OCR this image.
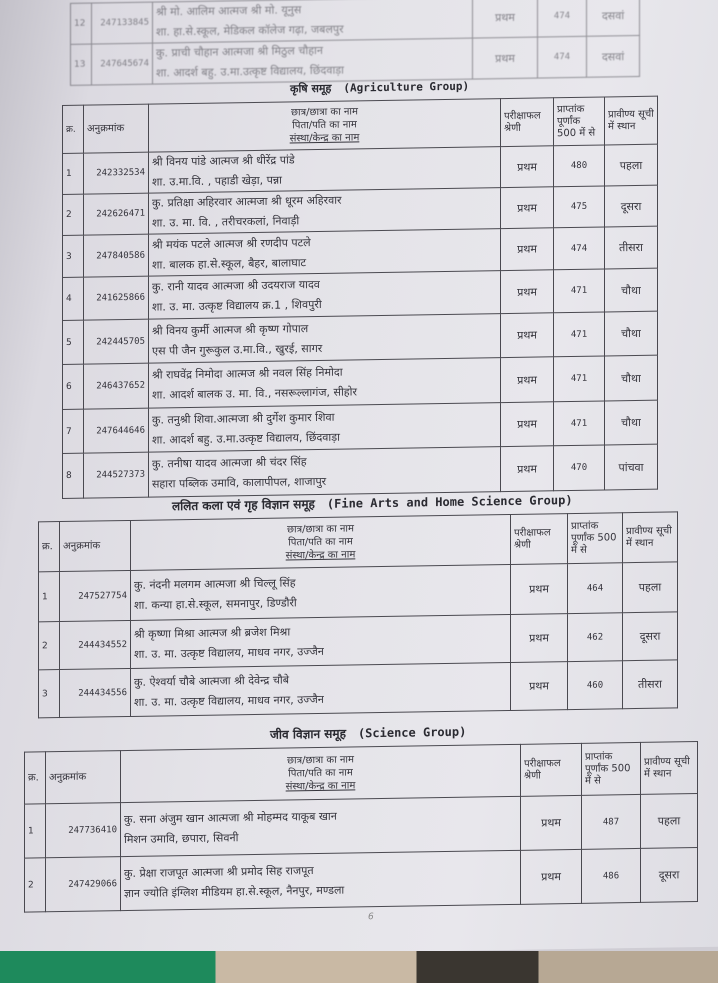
12	247133845	श्री मो. आलिम आत्मज श्री मो. यूनुस
शा. हा.से.स्कूल, मेडिकल कॉलेज गढ़ा, जबलपुर	प्रथम	474	दसवां
13	247645674	कु. प्राची चौहान आत्मजा श्री मिठुल चौहान
शा. आदर्श बहु. उ.मा.उत्कृष्ट विद्यालय, छिंदवाड़ा	प्रथम	474	दसवां
कृषि समूह (Agriculture Group)
क्र.	अनुक्रमांक	छात्र/छात्रा का नाम
पिता/पति का नाम
संस्था/केन्द्र का नाम	परीक्षाफल श्रेणी	प्राप्तांक पूर्णांक 500 में से	प्रावीण्य सूची में स्थान
1	242332534	श्री विनय पांडे आत्मज श्री धीरेंद्र पांडे
शा. उ.मा.वि. , पहाडी खेड़ा, पन्ना	प्रथम	480	पहला
2	242626471	कु. प्रतिक्षा अहिरवार आत्मजा श्री धूरम अहिरवार
शा. उ. मा. वि. , तरीचरकलां, निवाड़ी	प्रथम	475	दूसरा
3	247840586	श्री मयंक पटले आत्मज श्री रणदीप पटले
शा. बालक हा.से.स्कूल, बैहर, बालाघाट	प्रथम	474	तीसरा
4	241625866	कु. रानी यादव आत्मजा श्री उदयराज यादव
शा. उ. मा. उत्कृष्ट विद्यालय क्र.1 , शिवपुरी	प्रथम	471	चौथा
5	242445705	श्री विनय कुर्मी आत्मज श्री कृष्ण गोपाल
एस पी जैन गुरूकुल उ.मा.वि., खुरई, सागर	प्रथम	471	चौथा
6	246437652	श्री राघवेंद्र निमोदा आत्मज श्री नवल सिंह निमोदा
शा. आदर्श बालक उ. मा. वि., नसरूल्लागंज, सीहोर	प्रथम	471	चौथा
7	247644646	कु. तनुश्री शिवा.आत्मजा श्री दुर्गेश कुमार शिवा
शा. आदर्श बहु. उ.मा.उत्कृष्ट विद्यालय, छिंदवाड़ा	प्रथम	471	चौथा
8	244527373	कु. तनीषा यादव आत्मजा श्री चंदर सिंह
सहारा पब्लिक उमावि, कालापीपल, शाजापुर	प्रथम	470	पांचवा
ललित कला एवं गृह विज्ञान समूह (Fine Arts and Home Science Group)
क्र.	अनुक्रमांक	छात्र/छात्रा का नाम
पिता/पति का नाम
संस्था/केन्द्र का नाम	परीक्षाफल श्रेणी	प्राप्तांक पूर्णांक 500 में से	प्रावीण्य सूची में स्थान
1	247527754	कु. नंदनी मलगम आत्मजा श्री चिल्लू सिंह
शा. कन्या हा.से.स्कूल, समनापुर, डिण्डौरी	प्रथम	464	पहला
2	244434552	श्री कृष्णा मिश्रा आत्मज श्री ब्रजेश मिश्रा
शा. उ. मा. उत्कृष्ट विद्यालय, माधव नगर, उज्जैन	प्रथम	462	दूसरा
3	244434556	कु. ऐश्वर्या चौबे आत्मजा श्री देवेन्द्र चौबे
शा. उ. मा. उत्कृष्ट विद्यालय, माधव नगर, उज्जैन	प्रथम	460	तीसरा
जीव विज्ञान समूह (Science Group)
क्र.	अनुक्रमांक	छात्र/छात्रा का नाम
पिता/पति का नाम
संस्था/केन्द्र का नाम	परीक्षाफल श्रेणी	प्राप्तांक पूर्णांक 500 में से	प्रावीण्य सूची में स्थान
1	247736410	कु. सना अंजुम खान आत्मजा श्री मोहम्मद याकूब खान
मिशन उमावि, छपारा, सिवनी	प्रथम	487	पहला
2	247429066	कु. प्रेक्षा राजपूत आत्मजा श्री प्रमोद सिह राजपूत
ज्ञान ज्योति इंग्लिश मीडियम हा.से.स्कूल, नैनपुर, मण्डला	प्रथम	486	दूसरा
6
